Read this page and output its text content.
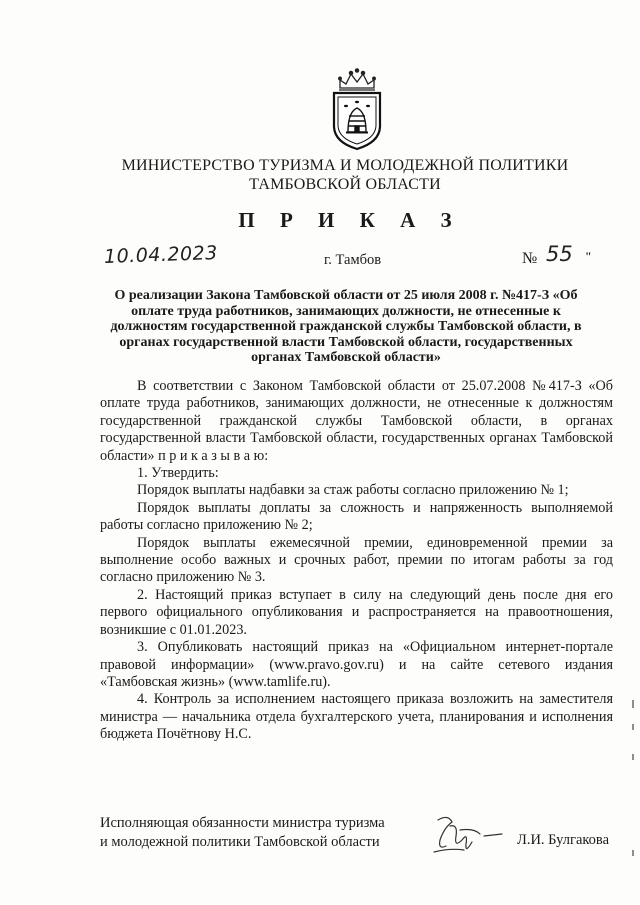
МИНИСТЕРСТВО ТУРИЗМА И МОЛОДЕЖНОЙ ПОЛИТИКИ
ТАМБОВСКОЙ ОБЛАСТИ
П Р И К А З
10.04.2023	г. Тамбов	№ 55 "
О реализации Закона Тамбовской области от 25 июля 2008 г. №417-З «Об
оплате труда работников, занимающих должности, не отнесенные к
должностям государственной гражданской службы Тамбовской области, в
органах государственной власти Тамбовской области, государственных
органах Тамбовской области»

В соответствии с Законом Тамбовской области от 25.07.2008 №417-З «Об оплате труда работников, занимающих должности, не отнесенные к должностям государственной гражданской службы Тамбовской области, в органах государственной власти Тамбовской области, государственных органах Тамбовской области» п р и к а з ы в а ю:

1. Утвердить:

Порядок выплаты надбавки за стаж работы согласно приложению № 1;

Порядок выплаты доплаты за сложность и напряженность выполняемой работы согласно приложению № 2;

Порядок выплаты ежемесячной премии, единовременной премии за выполнение особо важных и срочных работ, премии по итогам работы за год согласно приложению № 3.

2. Настоящий приказ вступает в силу на следующий день после дня его первого официального опубликования и распространяется на правоотношения, возникшие с 01.01.2023.

3. Опубликовать настоящий приказ на «Официальном интернет-портале правовой информации» (www.pravo.gov.ru) и на сайте сетевого издания «Тамбовская жизнь» (www.tamlife.ru).

4. Контроль за исполнением настоящего приказа возложить на заместителя министра — начальника отдела бухгалтерского учета, планирования и исполнения бюджета Почётнову Н.С.

Исполняющая обязанности министра туризма
и молодежной политики Тамбовской области	Л.И. Булгакова
